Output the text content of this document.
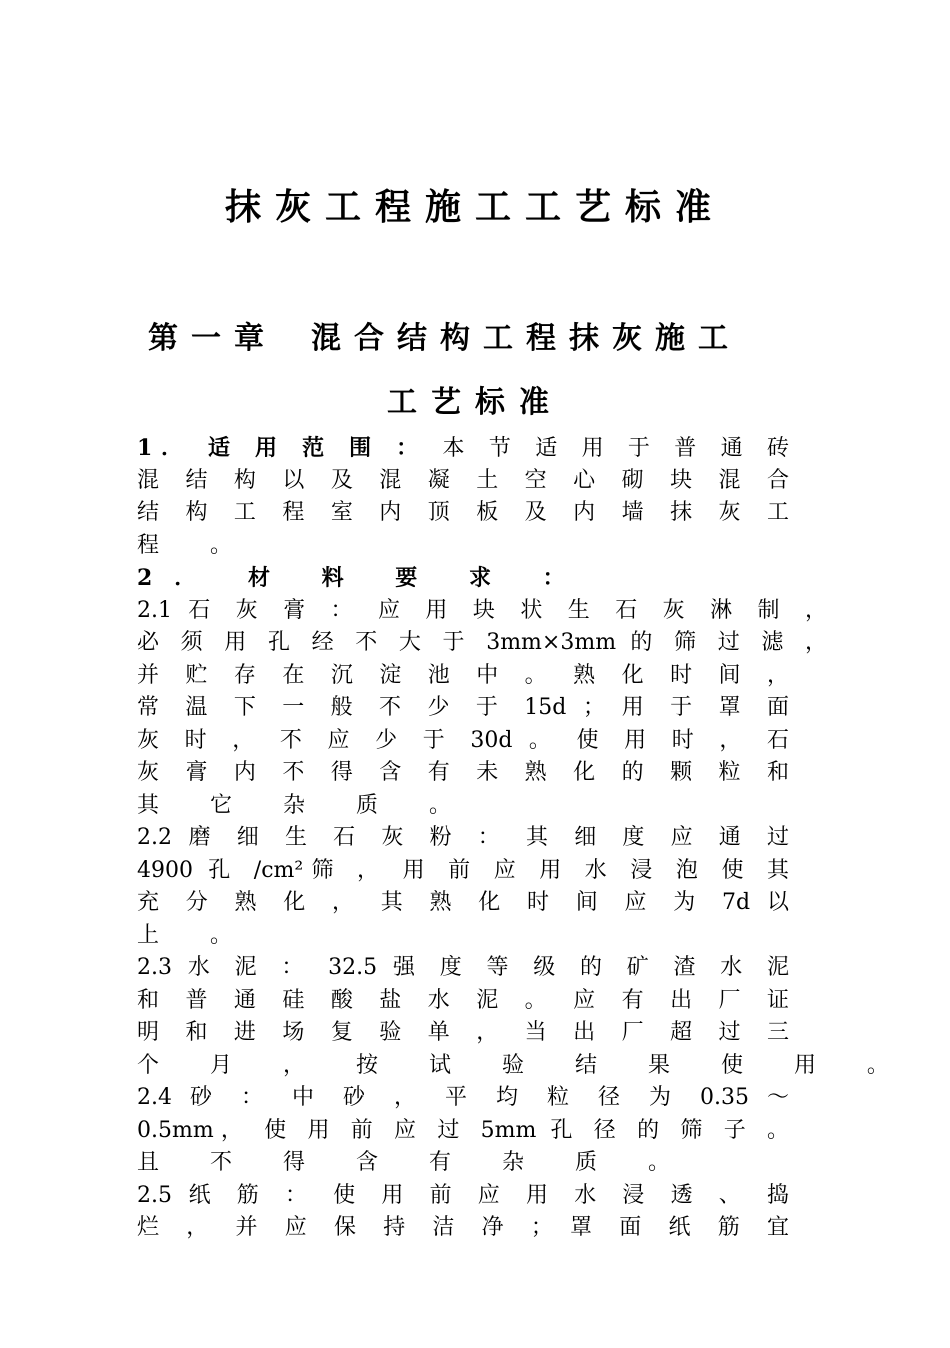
抹灰工程施工工艺标准
第一章 混合结构工程抹灰施工
工艺标准
1． 适 用 范 围 ： 本 节 适 用 于 普 通 砖
混 结 构 以 及 混 凝 土 空 心 砌 块 混 合
结 构 工 程 室 内 顶 板 及 内 墙 抹 灰 工
程 。
2． 材 料 要 求 ：
2.1 石 灰 膏 ： 应 用 块 状 生 石 灰 淋 制 ，
必 须 用 孔 经 不 大 于 3mm×3mm 的 筛 过 滤 ，
并 贮 存 在 沉 淀 池 中 。 熟 化 时 间 ，
常 温 下 一 般 不 少 于 15d ； 用 于 罩 面
灰 时 ， 不 应 少 于 30d 。 使 用 时 ， 石
灰 膏 内 不 得 含 有 未 熟 化 的 颗 粒 和
其 它 杂 质 。
2.2 磨 细 生 石 灰 粉 ： 其 细 度 应 通 过
4900 孔 /cm²筛 ， 用 前 应 用 水 浸 泡 使 其
充 分 熟 化 ， 其 熟 化 时 间 应 为 7d 以
上 。
2.3 水 泥 ： 32.5 强 度 等 级 的 矿 渣 水 泥
和 普 通 硅 酸 盐 水 泥 。 应 有 出 厂 证
明 和 进 场 复 验 单 ， 当 出 厂 超 过 三
个 月 ， 按 试 验 结 果 使 用 。
2.4 砂 ： 中 砂 ， 平 均 粒 径 为 0.35 ～
0.5mm， 使 用 前 应 过 5mm 孔 径 的 筛 子 。
且 不 得 含 有 杂 质 。
2.5 纸 筋 ： 使 用 前 应 用 水 浸 透 、 捣
烂 ， 并 应 保 持 洁 净 ； 罩 面 纸 筋 宜
